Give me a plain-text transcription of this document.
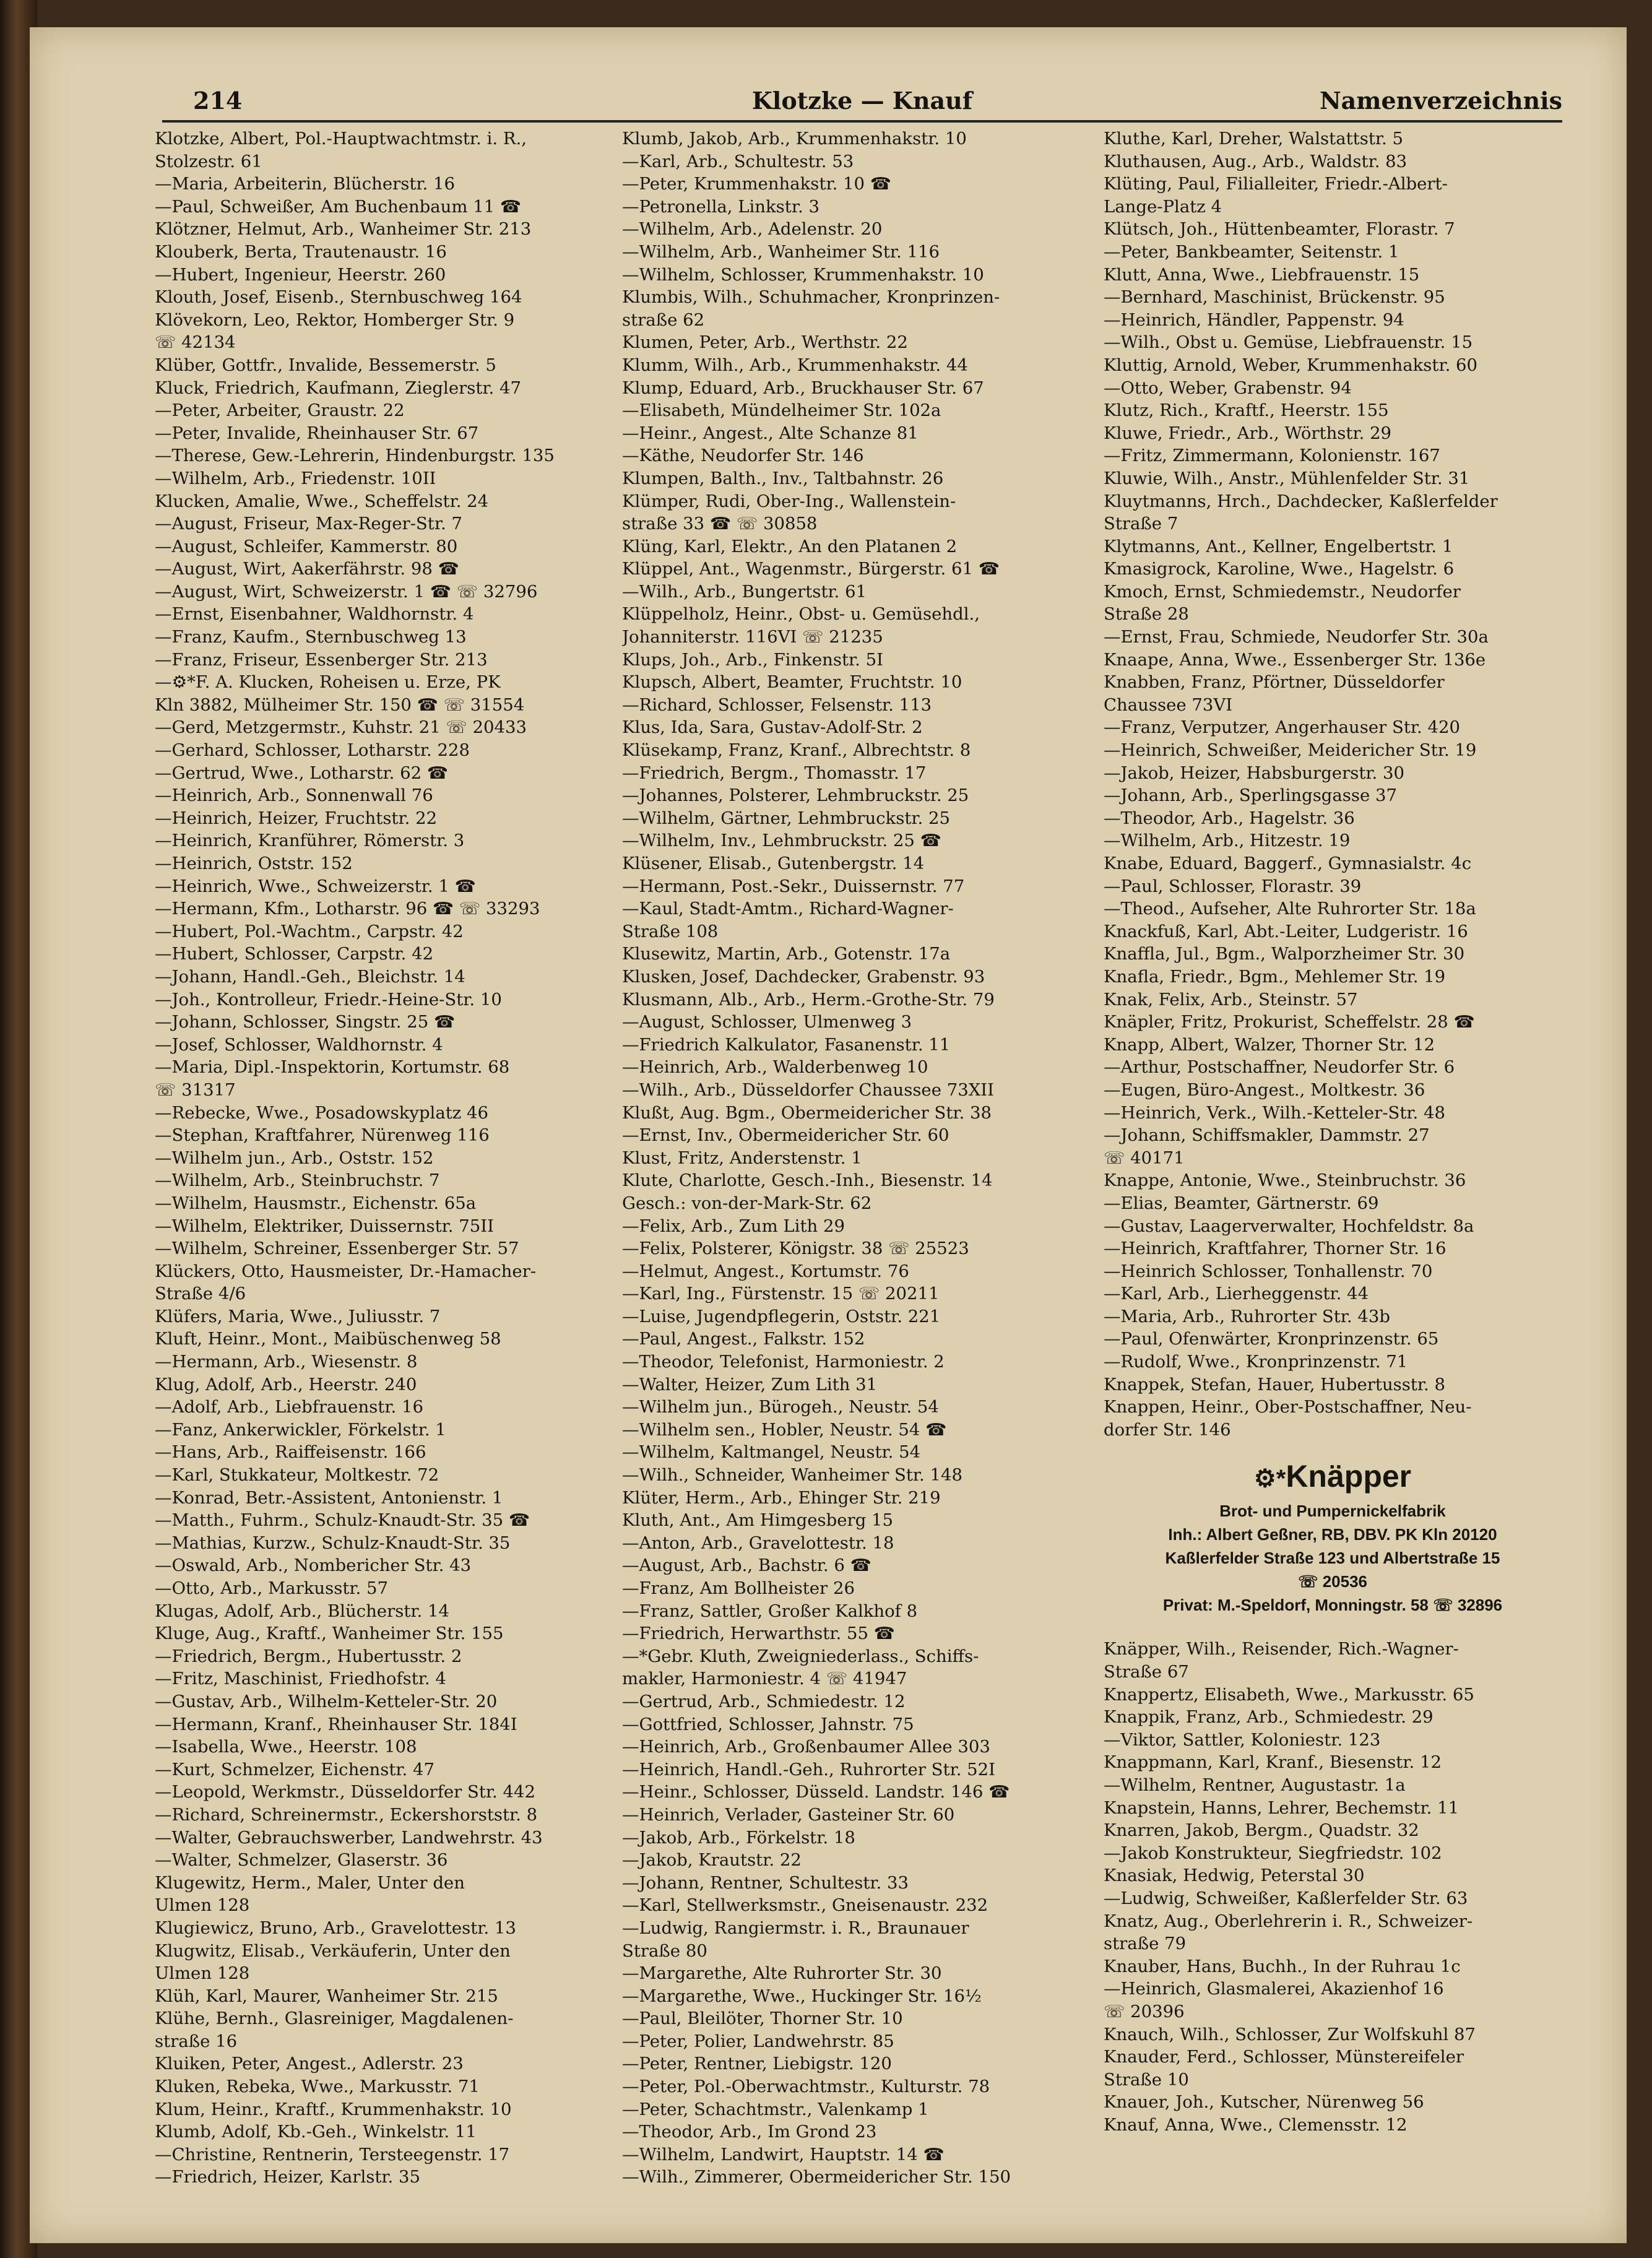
214	Klotzke — Knauf	Namenverzeichnis
Klotzke, Albert, Pol.-Hauptwachtmstr. i. R.,
Stolzestr. 61
—Maria, Arbeiterin, Blücherstr. 16
—Paul, Schweißer, Am Buchenbaum 11 ☎
Klötzner, Helmut, Arb., Wanheimer Str. 213
Klouberk, Berta, Trautenaustr. 16
—Hubert, Ingenieur, Heerstr. 260
Klouth, Josef, Eisenb., Sternbuschweg 164
Klövekorn, Leo, Rektor, Homberger Str. 9
☏ 42134
Klüber, Gottfr., Invalide, Bessemerstr. 5
Kluck, Friedrich, Kaufmann, Zieglerstr. 47
—Peter, Arbeiter, Graustr. 22
—Peter, Invalide, Rheinhauser Str. 67
—Therese, Gew.-Lehrerin, Hindenburgstr. 135
—Wilhelm, Arb., Friedenstr. 10II
Klucken, Amalie, Wwe., Scheffelstr. 24
—August, Friseur, Max-Reger-Str. 7
—August, Schleifer, Kammerstr. 80
—August, Wirt, Aakerfährstr. 98 ☎
—August, Wirt, Schweizerstr. 1 ☎ ☏ 32796
—Ernst, Eisenbahner, Waldhornstr. 4
—Franz, Kaufm., Sternbuschweg 13
—Franz, Friseur, Essenberger Str. 213
—⚙*F. A. Klucken, Roheisen u. Erze, PK
Kln 3882, Mülheimer Str. 150 ☎ ☏ 31554
—Gerd, Metzgermstr., Kuhstr. 21 ☏ 20433
—Gerhard, Schlosser, Lotharstr. 228
—Gertrud, Wwe., Lotharstr. 62 ☎
—Heinrich, Arb., Sonnenwall 76
—Heinrich, Heizer, Fruchtstr. 22
—Heinrich, Kranführer, Römerstr. 3
—Heinrich, Oststr. 152
—Heinrich, Wwe., Schweizerstr. 1 ☎
—Hermann, Kfm., Lotharstr. 96 ☎ ☏ 33293
—Hubert, Pol.-Wachtm., Carpstr. 42
—Hubert, Schlosser, Carpstr. 42
—Johann, Handl.-Geh., Bleichstr. 14
—Joh., Kontrolleur, Friedr.-Heine-Str. 10
—Johann, Schlosser, Singstr. 25 ☎
—Josef, Schlosser, Waldhornstr. 4
—Maria, Dipl.-Inspektorin, Kortumstr. 68
☏ 31317
—Rebecke, Wwe., Posadowskyplatz 46
—Stephan, Kraftfahrer, Nürenweg 116
—Wilhelm jun., Arb., Oststr. 152
—Wilhelm, Arb., Steinbruchstr. 7
—Wilhelm, Hausmstr., Eichenstr. 65a
—Wilhelm, Elektriker, Duissernstr. 75II
—Wilhelm, Schreiner, Essenberger Str. 57
Klückers, Otto, Hausmeister, Dr.-Hamacher-
Straße 4/6
Klüfers, Maria, Wwe., Juliusstr. 7
Kluft, Heinr., Mont., Maibüschenweg 58
—Hermann, Arb., Wiesenstr. 8
Klug, Adolf, Arb., Heerstr. 240
—Adolf, Arb., Liebfrauenstr. 16
—Fanz, Ankerwickler, Förkelstr. 1
—Hans, Arb., Raiffeisenstr. 166
—Karl, Stukkateur, Moltkestr. 72
—Konrad, Betr.-Assistent, Antonienstr. 1
—Matth., Fuhrm., Schulz-Knaudt-Str. 35 ☎
—Mathias, Kurzw., Schulz-Knaudt-Str. 35
—Oswald, Arb., Nombericher Str. 43
—Otto, Arb., Markusstr. 57
Klugas, Adolf, Arb., Blücherstr. 14
Kluge, Aug., Kraftf., Wanheimer Str. 155
—Friedrich, Bergm., Hubertusstr. 2
—Fritz, Maschinist, Friedhofstr. 4
—Gustav, Arb., Wilhelm-Ketteler-Str. 20
—Hermann, Kranf., Rheinhauser Str. 184I
—Isabella, Wwe., Heerstr. 108
—Kurt, Schmelzer, Eichenstr. 47
—Leopold, Werkmstr., Düsseldorfer Str. 442
—Richard, Schreinermstr., Eckershorststr. 8
—Walter, Gebrauchswerber, Landwehrstr. 43
—Walter, Schmelzer, Glaserstr. 36
Klugewitz, Herm., Maler, Unter den
Ulmen 128
Klugiewicz, Bruno, Arb., Gravelottestr. 13
Klugwitz, Elisab., Verkäuferin, Unter den
Ulmen 128
Klüh, Karl, Maurer, Wanheimer Str. 215
Klühe, Bernh., Glasreiniger, Magdalenen-
straße 16
Kluiken, Peter, Angest., Adlerstr. 23
Kluken, Rebeka, Wwe., Markusstr. 71
Klum, Heinr., Kraftf., Krummenhakstr. 10
Klumb, Adolf, Kb.-Geh., Winkelstr. 11
—Christine, Rentnerin, Tersteegenstr. 17
—Friedrich, Heizer, Karlstr. 35
Klumb, Jakob, Arb., Krummenhakstr. 10
—Karl, Arb., Schultestr. 53
—Peter, Krummenhakstr. 10 ☎
—Petronella, Linkstr. 3
—Wilhelm, Arb., Adelenstr. 20
—Wilhelm, Arb., Wanheimer Str. 116
—Wilhelm, Schlosser, Krummenhakstr. 10
Klumbis, Wilh., Schuhmacher, Kronprinzen-
straße 62
Klumen, Peter, Arb., Werthstr. 22
Klumm, Wilh., Arb., Krummenhakstr. 44
Klump, Eduard, Arb., Bruckhauser Str. 67
—Elisabeth, Mündelheimer Str. 102a
—Heinr., Angest., Alte Schanze 81
—Käthe, Neudorfer Str. 146
Klumpen, Balth., Inv., Taltbahnstr. 26
Klümper, Rudi, Ober-Ing., Wallenstein-
straße 33 ☎ ☏ 30858
Klüng, Karl, Elektr., An den Platanen 2
Klüppel, Ant., Wagenmstr., Bürgerstr. 61 ☎
—Wilh., Arb., Bungertstr. 61
Klüppelholz, Heinr., Obst- u. Gemüsehdl.,
Johanniterstr. 116VI ☏ 21235
Klups, Joh., Arb., Finkenstr. 5I
Klupsch, Albert, Beamter, Fruchtstr. 10
—Richard, Schlosser, Felsenstr. 113
Klus, Ida, Sara, Gustav-Adolf-Str. 2
Klüsekamp, Franz, Kranf., Albrechtstr. 8
—Friedrich, Bergm., Thomasstr. 17
—Johannes, Polsterer, Lehmbruckstr. 25
—Wilhelm, Gärtner, Lehmbruckstr. 25
—Wilhelm, Inv., Lehmbruckstr. 25 ☎
Klüsener, Elisab., Gutenbergstr. 14
—Hermann, Post.-Sekr., Duissernstr. 77
—Kaul, Stadt-Amtm., Richard-Wagner-
Straße 108
Klusewitz, Martin, Arb., Gotenstr. 17a
Klusken, Josef, Dachdecker, Grabenstr. 93
Klusmann, Alb., Arb., Herm.-Grothe-Str. 79
—August, Schlosser, Ulmenweg 3
—Friedrich Kalkulator, Fasanenstr. 11
—Heinrich, Arb., Walderbenweg 10
—Wilh., Arb., Düsseldorfer Chaussee 73XII
Klußt, Aug. Bgm., Obermeidericher Str. 38
—Ernst, Inv., Obermeidericher Str. 60
Klust, Fritz, Anderstenstr. 1
Klute, Charlotte, Gesch.-Inh., Biesenstr. 14
Gesch.: von-der-Mark-Str. 62
—Felix, Arb., Zum Lith 29
—Felix, Polsterer, Königstr. 38 ☏ 25523
—Helmut, Angest., Kortumstr. 76
—Karl, Ing., Fürstenstr. 15 ☏ 20211
—Luise, Jugendpflegerin, Oststr. 221
—Paul, Angest., Falkstr. 152
—Theodor, Telefonist, Harmoniestr. 2
—Walter, Heizer, Zum Lith 31
—Wilhelm jun., Bürogeh., Neustr. 54
—Wilhelm sen., Hobler, Neustr. 54 ☎
—Wilhelm, Kaltmangel, Neustr. 54
—Wilh., Schneider, Wanheimer Str. 148
Klüter, Herm., Arb., Ehinger Str. 219
Kluth, Ant., Am Himgesberg 15
—Anton, Arb., Gravelottestr. 18
—August, Arb., Bachstr. 6 ☎
—Franz, Am Bollheister 26
—Franz, Sattler, Großer Kalkhof 8
—Friedrich, Herwarthstr. 55 ☎
—*Gebr. Kluth, Zweigniederlass., Schiffs-
makler, Harmoniestr. 4 ☏ 41947
—Gertrud, Arb., Schmiedestr. 12
—Gottfried, Schlosser, Jahnstr. 75
—Heinrich, Arb., Großenbaumer Allee 303
—Heinrich, Handl.-Geh., Ruhrorter Str. 52I
—Heinr., Schlosser, Düsseld. Landstr. 146 ☎
—Heinrich, Verlader, Gasteiner Str. 60
—Jakob, Arb., Förkelstr. 18
—Jakob, Krautstr. 22
—Johann, Rentner, Schultestr. 33
—Karl, Stellwerksmstr., Gneisenaustr. 232
—Ludwig, Rangiermstr. i. R., Braunauer
Straße 80
—Margarethe, Alte Ruhrorter Str. 30
—Margarethe, Wwe., Huckinger Str. 16½
—Paul, Bleilöter, Thorner Str. 10
—Peter, Polier, Landwehrstr. 85
—Peter, Rentner, Liebigstr. 120
—Peter, Pol.-Oberwachtmstr., Kulturstr. 78
—Peter, Schachtmstr., Valenkamp 1
—Theodor, Arb., Im Grond 23
—Wilhelm, Landwirt, Hauptstr. 14 ☎
—Wilh., Zimmerer, Obermeidericher Str. 150
Kluthe, Karl, Dreher, Walstattstr. 5
Kluthausen, Aug., Arb., Waldstr. 83
Klüting, Paul, Filialleiter, Friedr.-Albert-
Lange-Platz 4
Klütsch, Joh., Hüttenbeamter, Florastr. 7
—Peter, Bankbeamter, Seitenstr. 1
Klutt, Anna, Wwe., Liebfrauenstr. 15
—Bernhard, Maschinist, Brückenstr. 95
—Heinrich, Händler, Pappenstr. 94
—Wilh., Obst u. Gemüse, Liebfrauenstr. 15
Kluttig, Arnold, Weber, Krummenhakstr. 60
—Otto, Weber, Grabenstr. 94
Klutz, Rich., Kraftf., Heerstr. 155
Kluwe, Friedr., Arb., Wörthstr. 29
—Fritz, Zimmermann, Kolonienstr. 167
Kluwie, Wilh., Anstr., Mühlenfelder Str. 31
Kluytmanns, Hrch., Dachdecker, Kaßlerfelder
Straße 7
Klytmanns, Ant., Kellner, Engelbertstr. 1
Kmasigrock, Karoline, Wwe., Hagelstr. 6
Kmoch, Ernst, Schmiedemstr., Neudorfer
Straße 28
—Ernst, Frau, Schmiede, Neudorfer Str. 30a
Knaape, Anna, Wwe., Essenberger Str. 136e
Knabben, Franz, Pförtner, Düsseldorfer
Chaussee 73VI
—Franz, Verputzer, Angerhauser Str. 420
—Heinrich, Schweißer, Meidericher Str. 19
—Jakob, Heizer, Habsburgerstr. 30
—Johann, Arb., Sperlingsgasse 37
—Theodor, Arb., Hagelstr. 36
—Wilhelm, Arb., Hitzestr. 19
Knabe, Eduard, Baggerf., Gymnasialstr. 4c
—Paul, Schlosser, Florastr. 39
—Theod., Aufseher, Alte Ruhrorter Str. 18a
Knackfuß, Karl, Abt.-Leiter, Ludgeristr. 16
Knaffla, Jul., Bgm., Walporzheimer Str. 30
Knafla, Friedr., Bgm., Mehlemer Str. 19
Knak, Felix, Arb., Steinstr. 57
Knäpler, Fritz, Prokurist, Scheffelstr. 28 ☎
Knapp, Albert, Walzer, Thorner Str. 12
—Arthur, Postschaffner, Neudorfer Str. 6
—Eugen, Büro-Angest., Moltkestr. 36
—Heinrich, Verk., Wilh.-Ketteler-Str. 48
—Johann, Schiffsmakler, Dammstr. 27
☏ 40171
Knappe, Antonie, Wwe., Steinbruchstr. 36
—Elias, Beamter, Gärtnerstr. 69
—Gustav, Laagerverwalter, Hochfeldstr. 8a
—Heinrich, Kraftfahrer, Thorner Str. 16
—Heinrich Schlosser, Tonhallenstr. 70
—Karl, Arb., Lierheggenstr. 44
—Maria, Arb., Ruhrorter Str. 43b
—Paul, Ofenwärter, Kronprinzenstr. 65
—Rudolf, Wwe., Kronprinzenstr. 71
Knappek, Stefan, Hauer, Hubertusstr. 8
Knappen, Heinr., Ober-Postschaffner, Neu-
dorfer Str. 146
⚙*Knäpper
Brot- und Pumpernickelfabrik
Inh.: Albert Geßner, RB, DBV. PK Kln 20120
Kaßlerfelder Straße 123 und Albertstraße 15
☏ 20536
Privat: M.-Speldorf, Monningstr. 58 ☏ 32896
Knäpper, Wilh., Reisender, Rich.-Wagner-
Straße 67
Knappertz, Elisabeth, Wwe., Markusstr. 65
Knappik, Franz, Arb., Schmiedestr. 29
—Viktor, Sattler, Koloniestr. 123
Knappmann, Karl, Kranf., Biesenstr. 12
—Wilhelm, Rentner, Augustastr. 1a
Knapstein, Hanns, Lehrer, Bechemstr. 11
Knarren, Jakob, Bergm., Quadstr. 32
—Jakob Konstrukteur, Siegfriedstr. 102
Knasiak, Hedwig, Peterstal 30
—Ludwig, Schweißer, Kaßlerfelder Str. 63
Knatz, Aug., Oberlehrerin i. R., Schweizer-
straße 79
Knauber, Hans, Buchh., In der Ruhrau 1c
—Heinrich, Glasmalerei, Akazienhof 16
☏ 20396
Knauch, Wilh., Schlosser, Zur Wolfskuhl 87
Knauder, Ferd., Schlosser, Münstereifeler
Straße 10
Knauer, Joh., Kutscher, Nürenweg 56
Knauf, Anna, Wwe., Clemensstr. 12
